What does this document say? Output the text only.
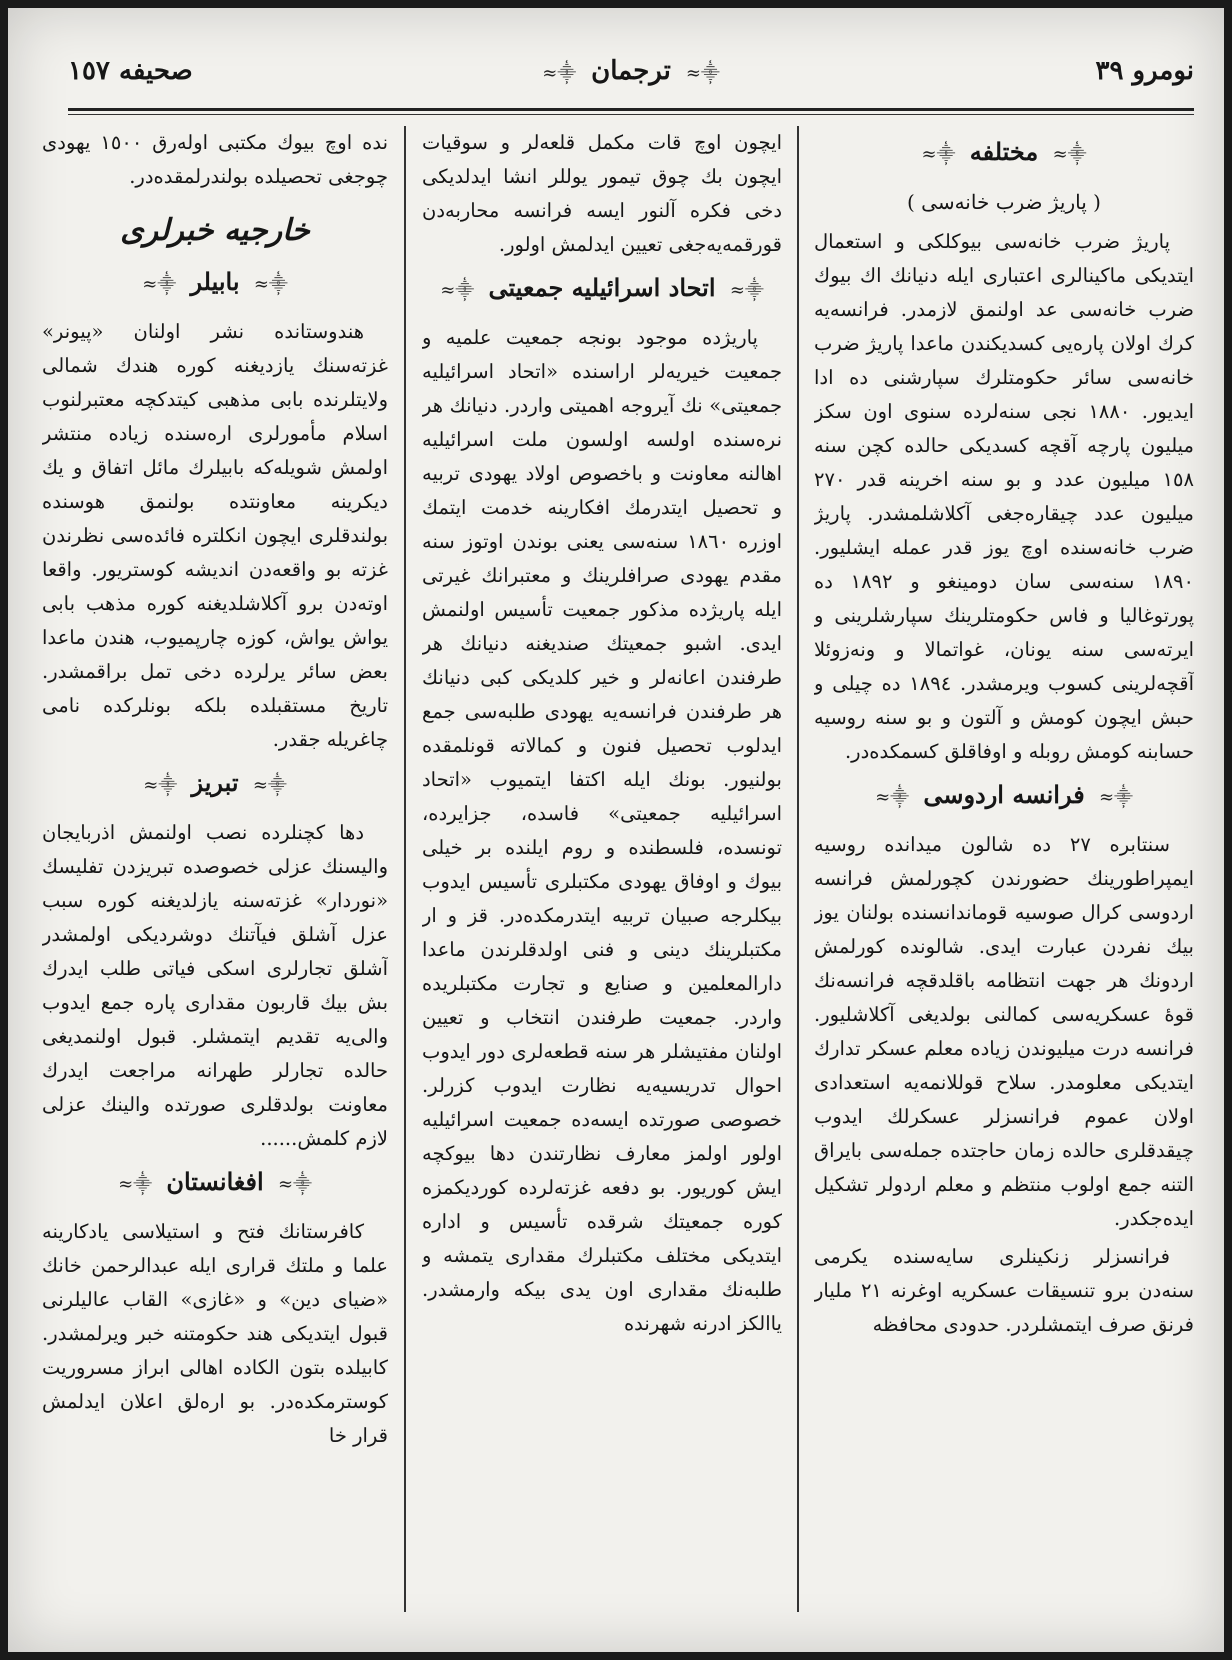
نومرو ٣٩
⸎≈ ترجمان ⸎≈
صحيفه ١٥٧
⸎≈ مختلفه ⸎≈
( پاريژ ضرب خانه‌سى )

پاريژ ضرب خانه‌سى بيوكلكى و استعمال ايتديكى ماكينالرى اعتبارى ايله دنيانك اك بيوك ضرب خانه‌سى عد اولنمق لازمدر. فرانسه‌يه كرك اولان پاره‌يى كسديكندن ماعدا پاريژ ضرب خانه‌سى سائر حكومتلرك سپارشنى ده ادا ايديور. ١٨٨٠ نجى سنه‌لرده سنوى اون سكز ميليون پارچه آقچه كسديكى حالده كچن سنه ١٥٨ ميليون عدد و بو سنه اخرينه قدر ٢٧٠ ميليون عدد چيقاره‌جغى آكلاشلمشدر. پاريژ ضرب خانه‌سنده اوچ يوز قدر عمله ايشليور. ١٨٩٠ سنه‌سى سان دومينغو و ١٨٩٢ ده پورتوغاليا و فاس حكومتلرينك سپارشلرينى و ايرته‌سى سنه يونان، غواتمالا و ونه‌زوئلا آقچه‌لرينى كسوب ويرمشدر. ١٨٩٤ ده چيلى و حبش ايچون كومش و آلتون و بو سنه روسيه حسابنه كومش روبله و اوفاقلق كسمكده‌در.

⸎≈ فرانسه اردوسى ⸎≈

سنتابره ٢٧ ده شالون ميدانده روسيه ايمپراطورينك حضورندن كچورلمش فرانسه اردوسى كرال صوسيه قوماندانسنده بولنان يوز بيك نفردن عبارت ايدى. شالونده كورلمش اردونك هر جهت انتظامه باقلدقچه فرانسه‌نك قوهٔ عسكريه‌سى كمالنى بولديغى آكلاشليور. فرانسه درت ميليوندن زياده معلم عسكر تدارك ايتديكى معلومدر. سلاح قوللانمه‌يه استعدادى اولان عموم فرانسزلر عسكرلك ايدوب چيقدقلرى حالده زمان حاجتده جمله‌سى بايراق التنه جمع اولوب منتظم و معلم اردولر تشكيل ايده‌جكدر.

فرانسزلر زنكينلرى سايه‌سنده يكرمى سنه‌دن برو تنسيقات عسكريه اوغرنه ٢١ مليار فرنق صرف ايتمشلردر. حدودى محافظه

ايچون اوچ قات مكمل قلعه‌لر و سوقيات ايچون بك چوق تيمور يوللر انشا ايدلديكى دخى فكره آلنور ايسه فرانسه محاربه‌دن قورقمه‌يه‌جغى تعيين ايدلمش اولور.

⸎≈ اتحاد اسرائيليه جمعيتى ⸎≈

پاريژده موجود بونجه جمعيت علميه و جمعيت خيريه‌لر اراسنده «اتحاد اسرائيليه جمعيتى» نك آيروجه اهميتى واردر. دنيانك هر نره‌سنده اولسه اولسون ملت اسرائيليه اهالنه معاونت و باخصوص اولاد يهودى تربيه و تحصيل ايتدرمك افكارينه خدمت ايتمك اوزره ١٨٦٠ سنه‌سى يعنى بوندن اوتوز سنه مقدم يهودى صرافلرينك و معتبرانك غيرتى ايله پاريژده مذكور جمعيت تأسيس اولنمش ايدى. اشبو جمعيتك صنديغنه دنيانك هر طرفندن اعانه‌لر و خير كلديكى كبى دنيانك هر طرفندن فرانسه‌يه يهودى طلبه‌سى جمع ايدلوب تحصيل فنون و كمالاته قونلمقده بولنيور. بونك ايله اكتفا ايتميوب «اتحاد اسرائيليه جمعيتى» فاسده، جزايرده، تونسده، فلسطنده و روم ايلنده بر خيلى بيوك و اوفاق يهودى مكتبلرى تأسيس ايدوب بيكلرجه صبيان تربيه ايتدرمكده‌در. قز و ار مكتبلرينك دينى و فنى اولدقلرندن ماعدا دارالمعلمين و صنايع و تجارت مكتبلريده واردر. جمعيت طرفندن انتخاب و تعيين اولنان مفتيشلر هر سنه قطعه‌لرى دور ايدوب احوال تدريسيه‌يه نظارت ايدوب كزرلر. خصوصى صورتده ايسه‌ده جمعيت اسرائيليه اولور اولمز معارف نظارتندن دها بيوكچه ايش كوريور. بو دفعه غزته‌لرده كورديكمزه كوره جمعيتك شرقده تأسيس و اداره ايتديكى مختلف مكتبلرك مقدارى يتمشه و طلبه‌نك مقدارى اون يدى بيكه وارمشدر. ياالكز ادرنه شهرنده

نده اوچ بيوك مكتبى اوله‌رق ١٥٠٠ يهودى چوجغى تحصيلده بولندرلمقده‌در.

خارجيه خبرلرى
⸎≈ بابيلر ⸎≈

هندوستانده نشر اولنان «پيونر» غزته‌سنك يازديغنه كوره هندك شمالى ولايتلرنده بابى مذهبى كيتدكچه معتبرلنوب اسلام مأمورلرى اره‌سنده زياده منتشر اولمش شويله‌كه بابيلرك مائل اتفاق و يك ديكرينه معاونتده بولنمق هوسنده بولندقلرى ايچون انكلتره فائده‌سى نظرندن غزته بو واقعه‌دن انديشه كوستريور. واقعا اوته‌دن برو آكلاشلديغنه كوره مذهب بابى يواش يواش، كوزه چارپميوب، هندن ماعدا بعض سائر يرلرده دخى تمل براقمشدر. تاريخ مستقبلده بلكه بونلركده نامى چاغريله جقدر.

⸎≈ تبريز ⸎≈

دها كچنلرده نصب اولنمش اذربايجان واليسنك عزلى خصوصده تبريزدن تفليسك «نوردار» غزته‌سنه يازلديغنه كوره سبب عزل آشلق فيآتنك دوشرديكى اولمشدر آشلق تجارلرى اسكى فياتى طلب ايدرك بش بيك قاربون مقدارى پاره جمع ايدوب والى‌يه تقديم ايتمشلر. قبول اولنمديغى حالده تجارلر طهرانه مراجعت ايدرك معاونت بولدقلرى صورتده والينك عزلى لازم كلمش......

⸎≈ افغانستان ⸎≈

كافرستانك فتح و استيلاسى يادكارينه علما و ملتك قرارى ايله عبدالرحمن خانك «ضياى دين» و «غازى» القاب عاليلرنى قبول ايتديكى هند حكومتنه خبر ويرلمشدر. كابيلده بتون الكاده اهالى ابراز مسروريت كوسترمكده‌در. بو اره‌لق اعلان ايدلمش قرار خا
